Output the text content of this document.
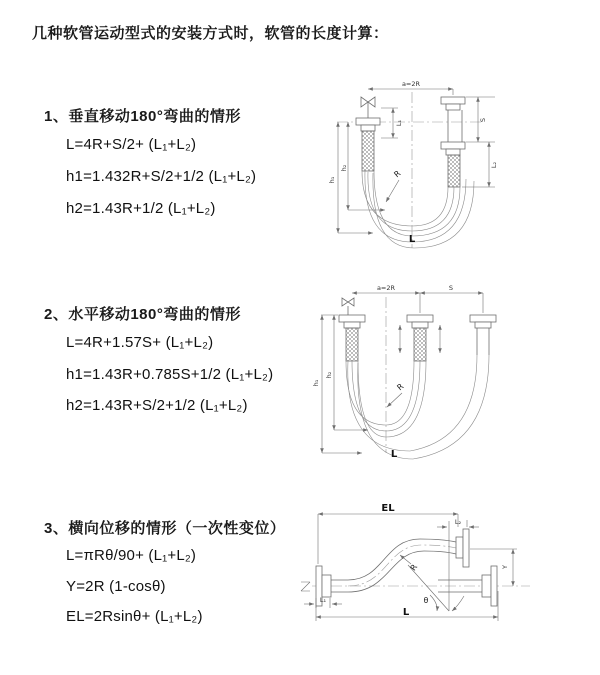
几种软管运动型式的安装方式时，软管的长度计算：
1、垂直移动180°弯曲的情形
L=4R+S/2+ (L₁+L₂)
h1=1.432R+S/2+1/2 (L₁+L₂)
h2=1.43R+1/2 (L₁+L₂)
2、水平移动180°弯曲的情形
L=4R+1.57S+ (L₁+L₂)
h1=1.43R+0.785S+1/2 (L₁+L₂)
h2=1.43R+S/2+1/2 (L₁+L₂)
3、横向位移的情形（一次性变位）
L=πRθ/90+ (L₁+L₂)
Y=2R (1-cosθ)
EL=2Rsinθ+ (L₁+L₂)
a=2R
h₁
h₂
L₁	S
L₂
R
L
a=2R	S
h₁
h₂
R
L
θ
R
EL
L₂
Y
L₁
L
